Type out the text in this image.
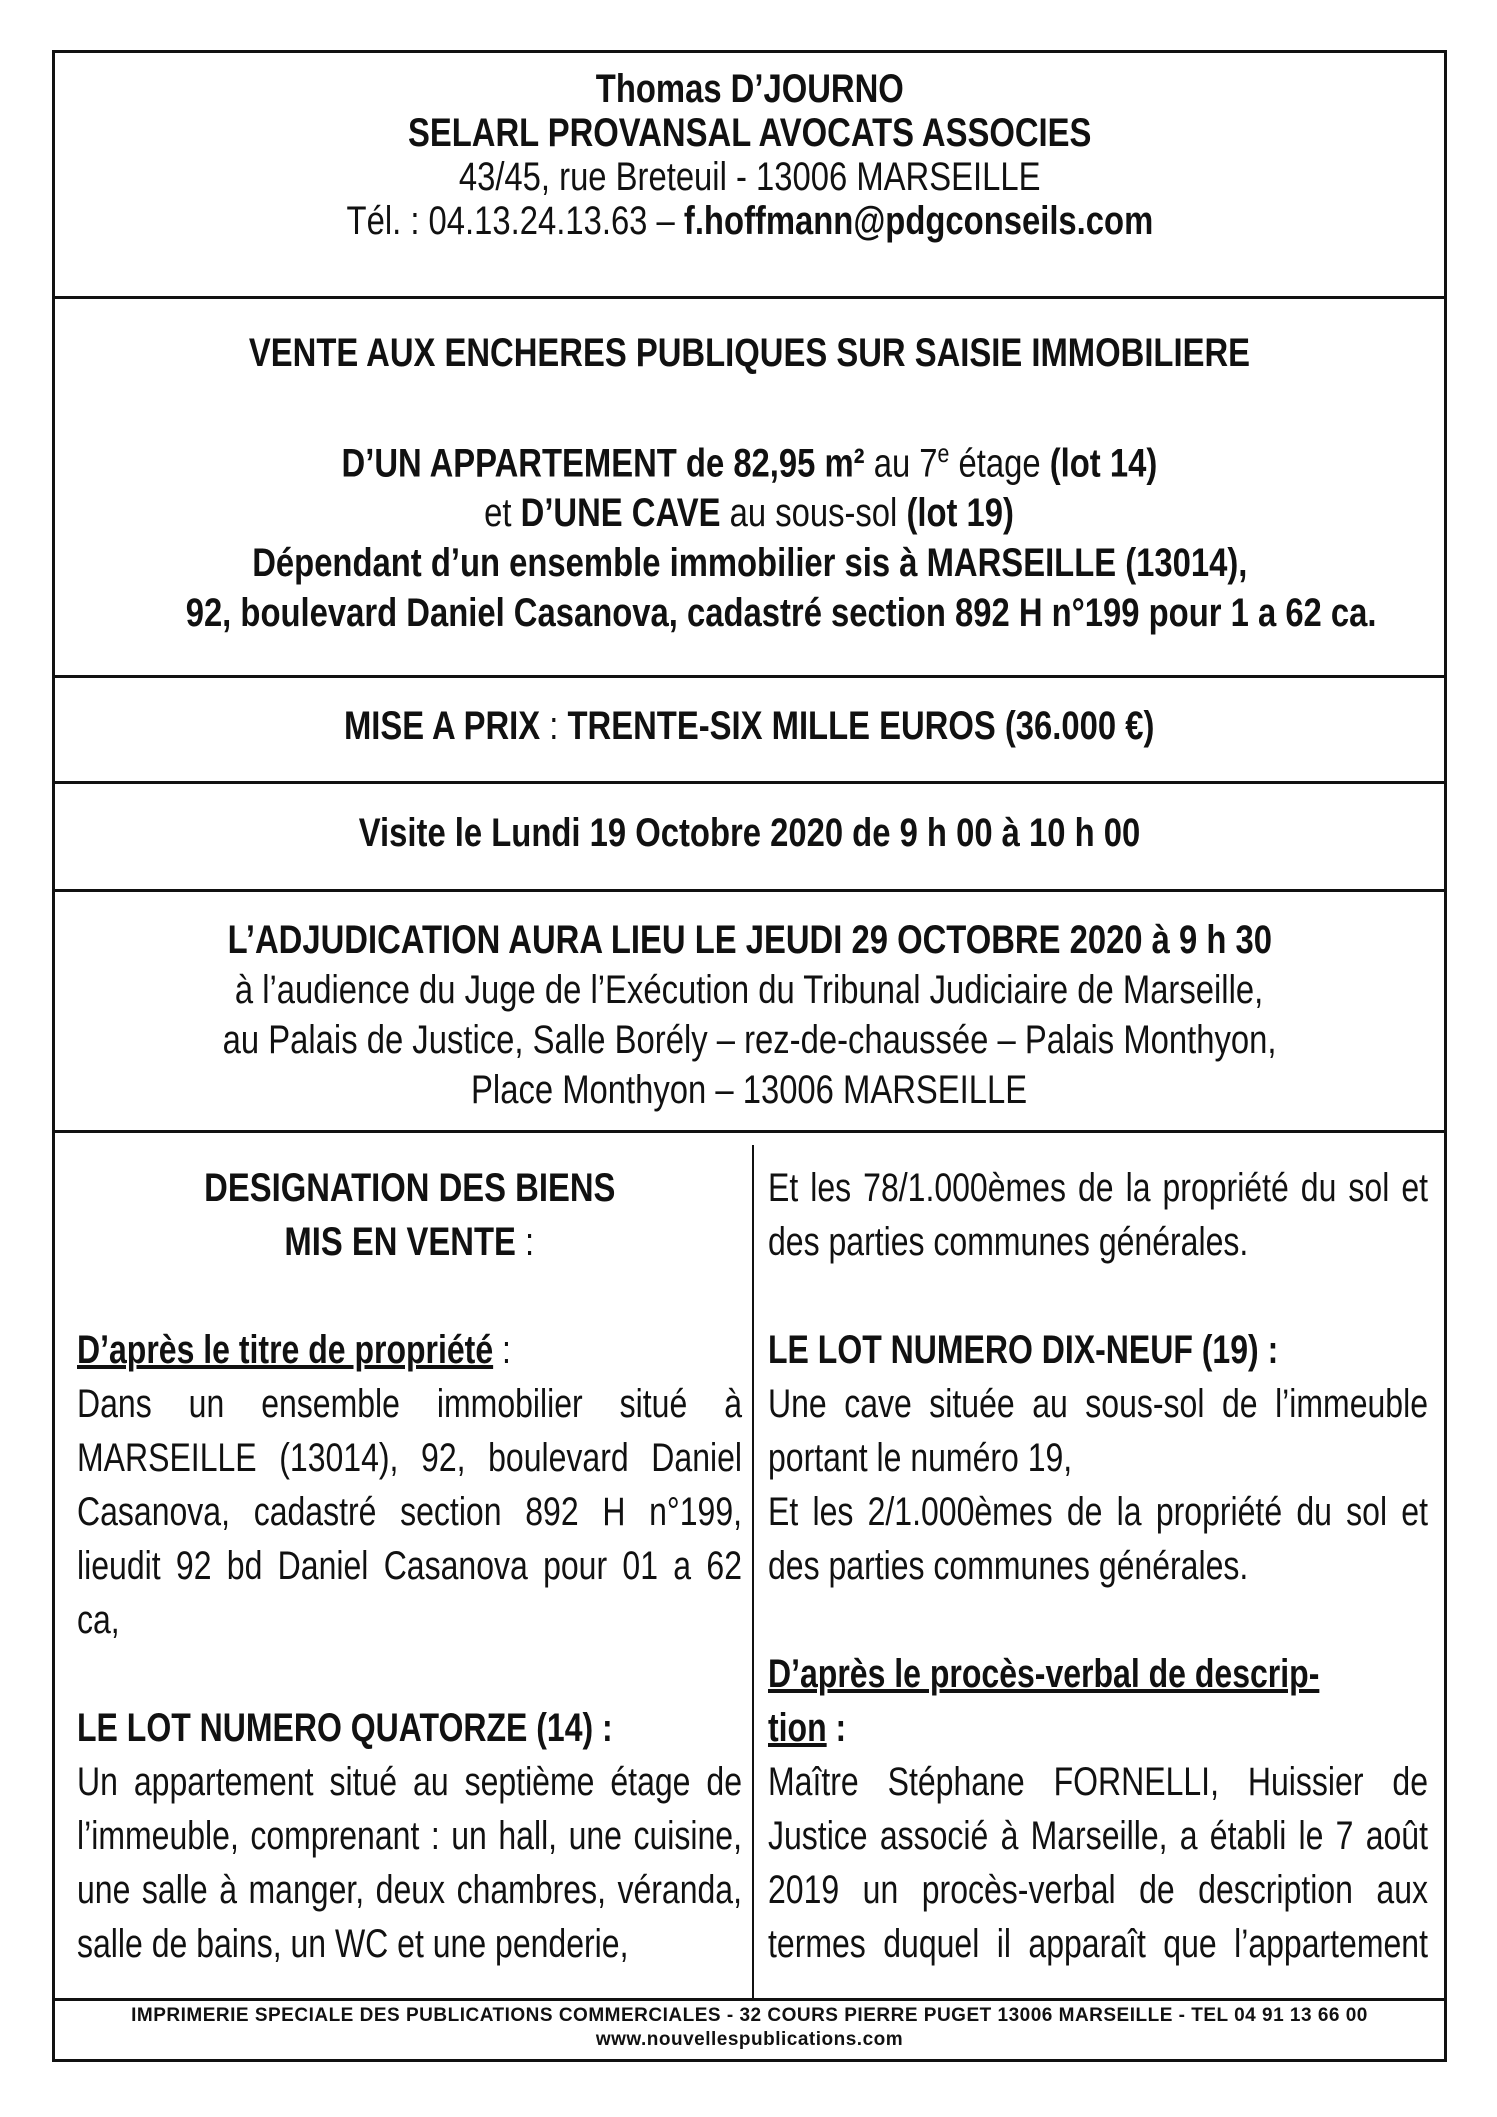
Thomas D’JOURNO
SELARL PROVANSAL AVOCATS ASSOCIES
43/45, rue Breteuil - 13006 MARSEILLE
Tél. : 04.13.24.13.63 – f.hoffmann@pdgconseils.com
VENTE AUX ENCHERES PUBLIQUES SUR SAISIE IMMOBILIERE
D’UN APPARTEMENT de 82,95 m² au 7e étage (lot 14)
et D’UNE CAVE au sous-sol (lot 19)
Dépendant d’un ensemble immobilier sis à MARSEILLE (13014),
92, boulevard Daniel Casanova, cadastré section 892 H n°199 pour 1 a 62 ca.
MISE A PRIX : TRENTE-SIX MILLE EUROS (36.000 €)
Visite le Lundi 19 Octobre 2020 de 9 h 00 à 10 h 00
L’ADJUDICATION AURA LIEU LE JEUDI 29 OCTOBRE 2020 à 9 h 30
à l’audience du Juge de l’Exécution du Tribunal Judiciaire de Marseille,
au Palais de Justice, Salle Borély – rez-de-chaussée – Palais Monthyon,
Place Monthyon – 13006 MARSEILLE

DESIGNATION DES BIENS

MIS EN VENTE :

D’après le titre de propriété :

Dans un ensemble immobilier situé à

MARSEILLE (13014), 92, boulevard Daniel

Casanova, cadastré section 892 H n°199,

lieudit 92 bd Daniel Casanova pour 01 a 62

ca,

LE LOT NUMERO QUATORZE (14) :

Un appartement situé au septième étage de

l’immeuble, comprenant : un hall, une cuisine,

une salle à manger, deux chambres, véranda,

salle de bains, un WC et une penderie,

Et les 78/1.000èmes de la propriété du sol et

des parties communes générales.

LE LOT NUMERO DIX-NEUF (19) :

Une cave située au sous-sol de l’immeuble

portant le numéro 19,

Et les 2/1.000èmes de la propriété du sol et

des parties communes générales.

D’après le procès-verbal de descrip-

tion :

Maître Stéphane FORNELLI, Huissier de

Justice associé à Marseille, a établi le 7 août

2019 un procès-verbal de description aux

termes duquel il apparaît que l’appartement

IMPRIMERIE SPECIALE DES PUBLICATIONS COMMERCIALES - 32 COURS PIERRE PUGET 13006 MARSEILLE - TEL 04 91 13 66 00
www.nouvellespublications.com
